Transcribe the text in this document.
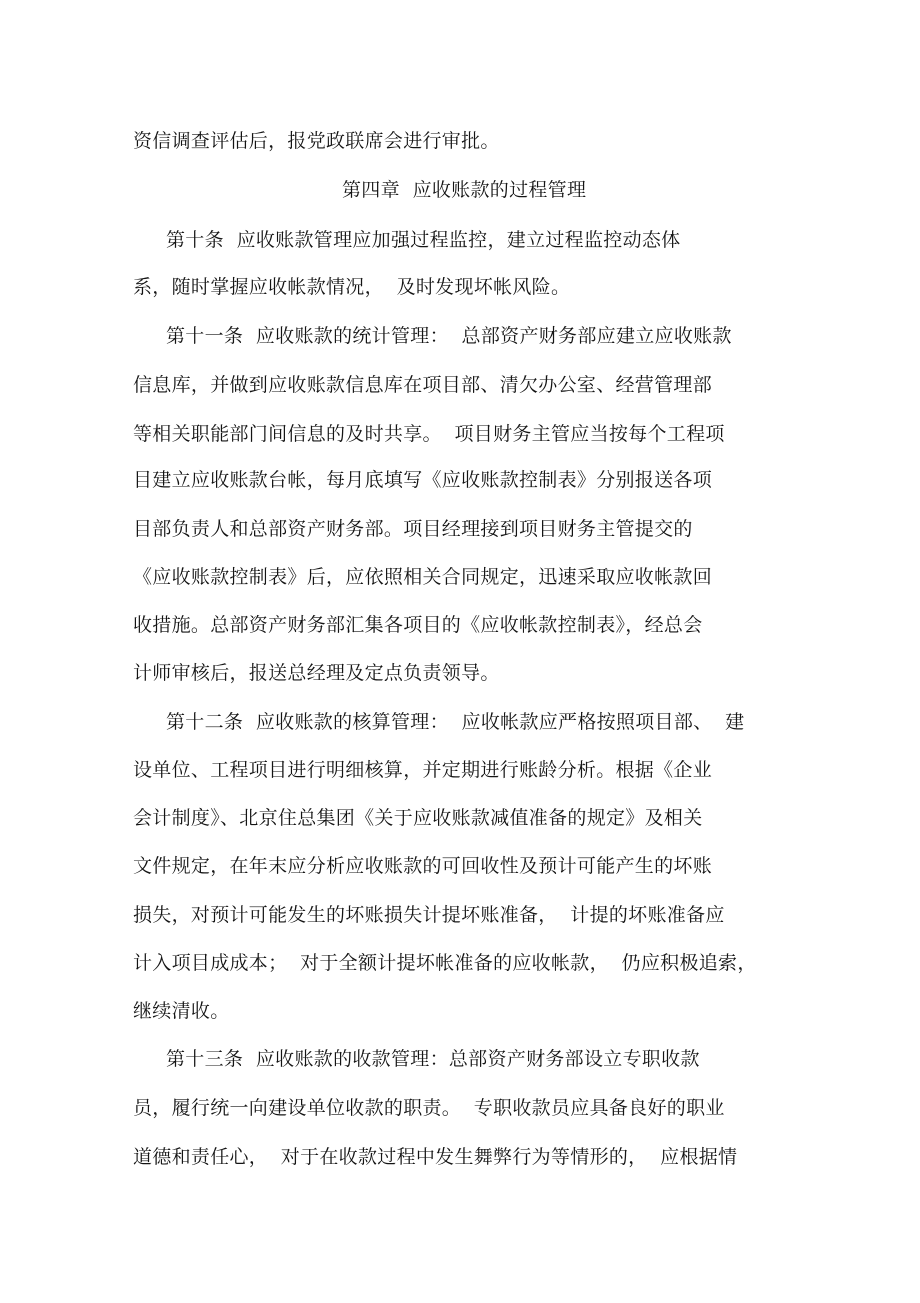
资信调查评估后，报党政联席会进行审批。
第四章  应收账款的过程管理
第十条  应收账款管理应加强过程监控，建立过程监控动态体
系，随时掌握应收帐款情况，  及时发现坏帐风险。
第十一条  应收账款的统计管理：  总部资产财务部应建立应收账款
信息库，并做到应收账款信息库在项目部、清欠办公室、经营管理部
等相关职能部门间信息的及时共享。  项目财务主管应当按每个工程项
目建立应收账款台帐，每月底填写《应收账款控制表》分别报送各项
目部负责人和总部资产财务部。项目经理接到项目财务主管提交的
《应收账款控制表》后，应依照相关合同规定，迅速采取应收帐款回
收措施。总部资产财务部汇集各项目的《应收帐款控制表》，经总会
计师审核后，报送总经理及定点负责领导。
第十二条  应收账款的核算管理：  应收帐款应严格按照项目部、  建
设单位、工程项目进行明细核算，并定期进行账龄分析。根据《企业
会计制度》、北京住总集团《关于应收账款减值准备的规定》及相关
文件规定，在年末应分析应收账款的可回收性及预计可能产生的坏账
损失，对预计可能发生的坏账损失计提坏账准备，  计提的坏账准备应
计入项目成成本；  对于全额计提坏帐准备的应收帐款，  仍应积极追索，
继续清收。
第十三条  应收账款的收款管理：总部资产财务部设立专职收款
员，履行统一向建设单位收款的职责。  专职收款员应具备良好的职业
道德和责任心，  对于在收款过程中发生舞弊行为等情形的，  应根据情
